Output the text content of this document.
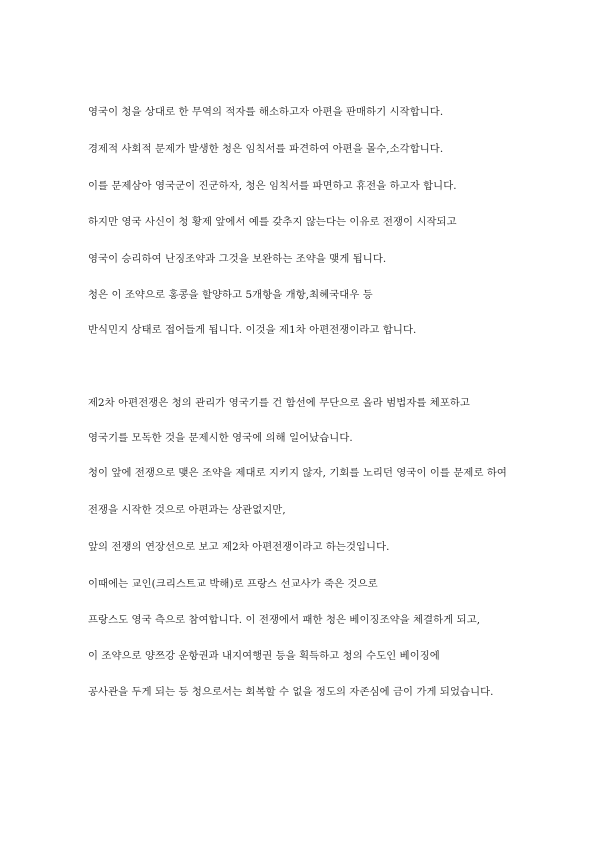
영국이 청을 상대로 한 무역의 적자를 해소하고자 아편을 판매하기 시작합니다.
경제적 사회적 문제가 발생한 청은 임칙서를 파견하여 아편을 몰수,소각합니다.
이를 문제삼아 영국군이 진군하자, 청은 임칙서를 파면하고 휴전을 하고자 합니다.
하지만 영국 사신이 청 황제 앞에서 예를 갖추지 않는다는 이유로 전쟁이 시작되고
영국이 승리하여 난징조약과 그것을 보완하는 조약을 맺게 됩니다.
청은 이 조약으로 홍콩을 할양하고 5개항을 개항,최혜국대우 등
반식민지 상태로 접어들게 됩니다. 이것을 제1차 아편전쟁이라고 합니다.
제2차 아편전쟁은 청의 관리가 영국기를 건 함선에 무단으로 올라 범법자를 체포하고
영국기를 모독한 것을 문제시한 영국에 의해 일어났습니다.
청이 앞에 전쟁으로 맺은 조약을 제대로 지키지 않자, 기회를 노리던 영국이 이를 문제로 하여
전쟁을 시작한 것으로 아편과는 상관없지만,
앞의 전쟁의 연장선으로 보고 제2차 아편전쟁이라고 하는것입니다.
이때에는 교인(크리스트교 박해)로 프랑스 선교사가 죽은 것으로
프랑스도 영국 측으로 참여합니다. 이 전쟁에서 패한 청은 베이징조약을 체결하게 되고,
이 조약으로 양쯔강 운항권과 내지여행권 등을 획득하고 청의 수도인 베이징에
공사관을 두게 되는 등 청으로서는 회복할 수 없을 정도의 자존심에 금이 가게 되었습니다.
